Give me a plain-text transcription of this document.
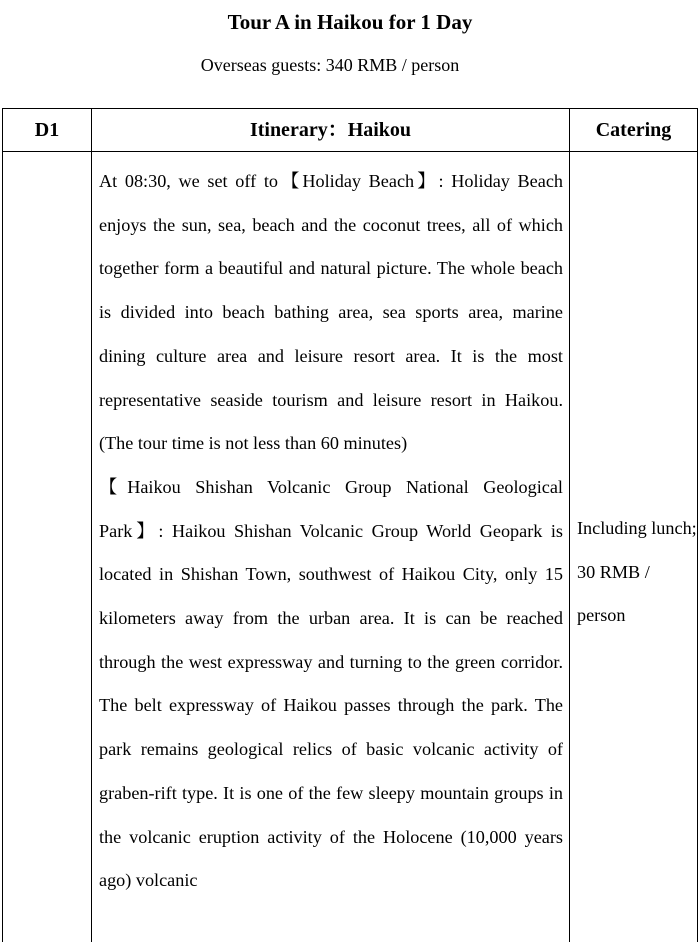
Tour A in Haikou for 1 Day
Overseas guests: 340 RMB / person
D1	Itinerary：Haikou	Catering

At 08:30, we set off to【Holiday Beach】: Holiday Beach enjoys the sun, sea, beach and the coconut trees, all of which together form a beautiful and natural picture. The whole beach is divided into beach bathing area, sea sports area, marine dining culture area and leisure resort area. It is the most representative seaside tourism and leisure resort in Haikou. (The tour time is not less than 60 minutes)

【Haikou Shishan Volcanic Group National Geological Park】: Haikou Shishan Volcanic Group World Geopark is located in Shishan Town, southwest of Haikou City, only 15 kilometers away from the urban area. It is can be reached through the west expressway and turning to the green corridor. The belt expressway of Haikou passes through the park. The park remains geological relics of basic volcanic activity of graben-rift type. It is one of the few sleepy mountain groups in the volcanic eruption activity of the Holocene (10,000 years ago) volcanic

Including lunch; 30 RMB / person
